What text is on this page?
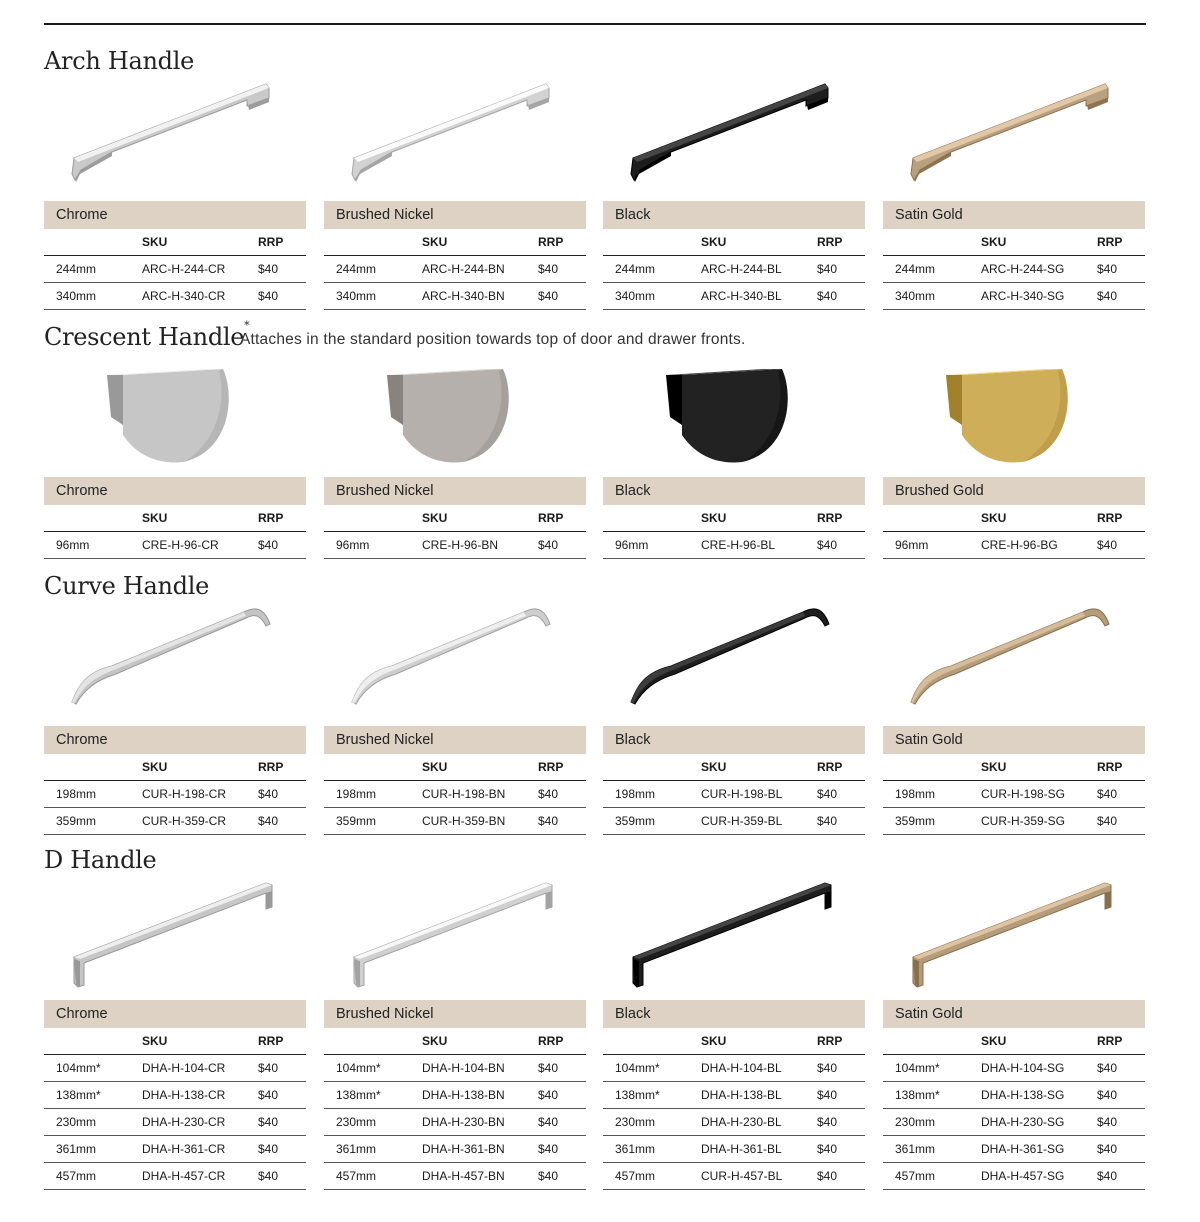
Arch Handle
Chrome
	SKU	RRP
244mm	ARC-H-244-CR	$40
340mm	ARC-H-340-CR	$40
Brushed Nickel
	SKU	RRP
244mm	ARC-H-244-BN	$40
340mm	ARC-H-340-BN	$40
Black
	SKU	RRP
244mm	ARC-H-244-BL	$40
340mm	ARC-H-340-BL	$40
Satin Gold
	SKU	RRP
244mm	ARC-H-244-SG	$40
340mm	ARC-H-340-SG	$40
Crescent Handle*
Attaches in the standard position towards top of door and drawer fronts.
Chrome
	SKU	RRP
96mm	CRE-H-96-CR	$40
Brushed Nickel
	SKU	RRP
96mm	CRE-H-96-BN	$40
Black
	SKU	RRP
96mm	CRE-H-96-BL	$40
Brushed Gold
	SKU	RRP
96mm	CRE-H-96-BG	$40
Curve Handle
Chrome
	SKU	RRP
198mm	CUR-H-198-CR	$40
359mm	CUR-H-359-CR	$40
Brushed Nickel
	SKU	RRP
198mm	CUR-H-198-BN	$40
359mm	CUR-H-359-BN	$40
Black
	SKU	RRP
198mm	CUR-H-198-BL	$40
359mm	CUR-H-359-BL	$40
Satin Gold
	SKU	RRP
198mm	CUR-H-198-SG	$40
359mm	CUR-H-359-SG	$40
D Handle
Chrome
	SKU	RRP
104mm*	DHA-H-104-CR	$40
138mm*	DHA-H-138-CR	$40
230mm	DHA-H-230-CR	$40
361mm	DHA-H-361-CR	$40
457mm	DHA-H-457-CR	$40
Brushed Nickel
	SKU	RRP
104mm*	DHA-H-104-BN	$40
138mm*	DHA-H-138-BN	$40
230mm	DHA-H-230-BN	$40
361mm	DHA-H-361-BN	$40
457mm	DHA-H-457-BN	$40
Black
	SKU	RRP
104mm*	DHA-H-104-BL	$40
138mm*	DHA-H-138-BL	$40
230mm	DHA-H-230-BL	$40
361mm	DHA-H-361-BL	$40
457mm	CUR-H-457-BL	$40
Satin Gold
	SKU	RRP
104mm*	DHA-H-104-SG	$40
138mm*	DHA-H-138-SG	$40
230mm	DHA-H-230-SG	$40
361mm	DHA-H-361-SG	$40
457mm	DHA-H-457-SG	$40
